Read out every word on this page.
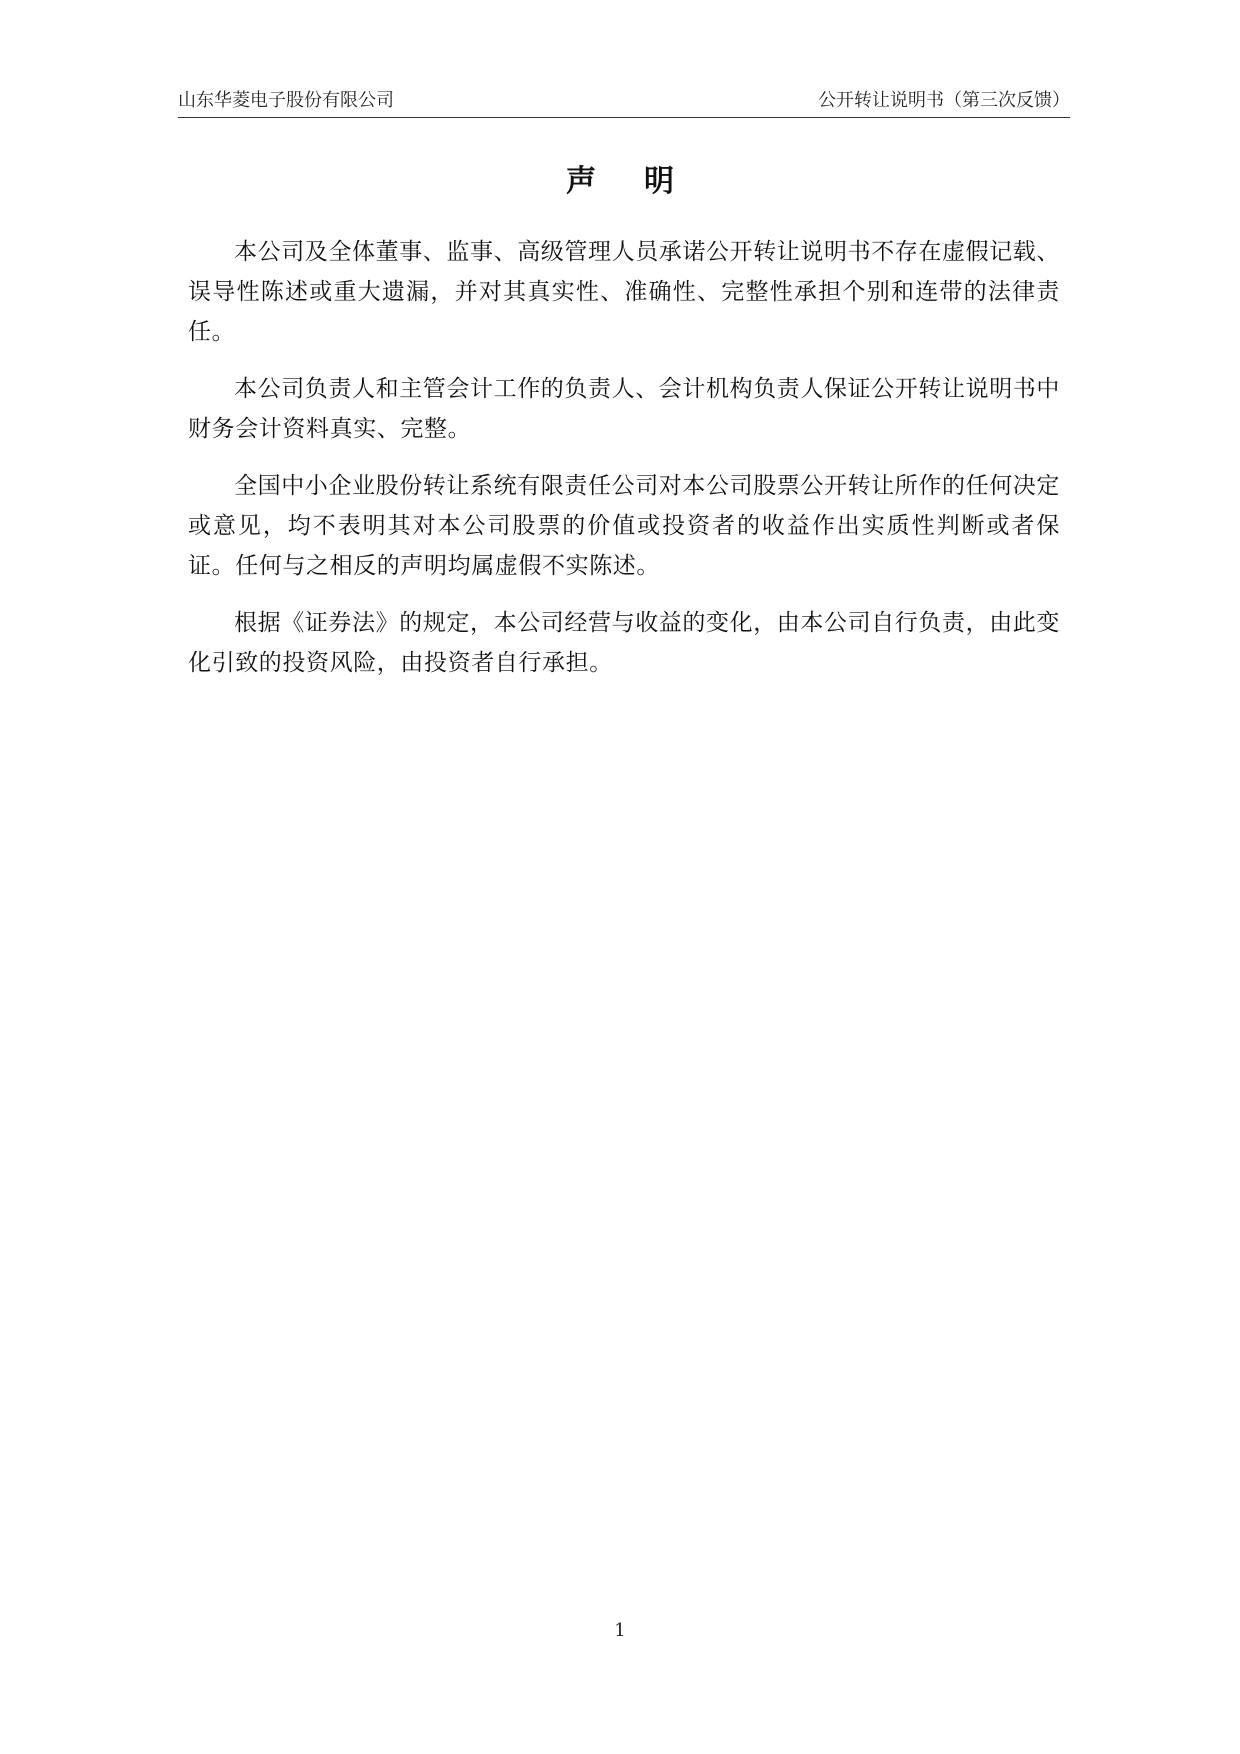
山东华菱电子股份有限公司	公开转让说明书（第三次反馈）
声明

本公司及全体董事、监事、高级管理人员承诺公开转让说明书不存在虚假记载、误导性陈述或重大遗漏，并对其真实性、准确性、完整性承担个别和连带的法律责任。

本公司负责人和主管会计工作的负责人、会计机构负责人保证公开转让说明书中财务会计资料真实、完整。

全国中小企业股份转让系统有限责任公司对本公司股票公开转让所作的任何决定或意见，均不表明其对本公司股票的价值或投资者的收益作出实质性判断或者保证。任何与之相反的声明均属虚假不实陈述。

根据《证券法》的规定，本公司经营与收益的变化，由本公司自行负责，由此变化引致的投资风险，由投资者自行承担。

1
